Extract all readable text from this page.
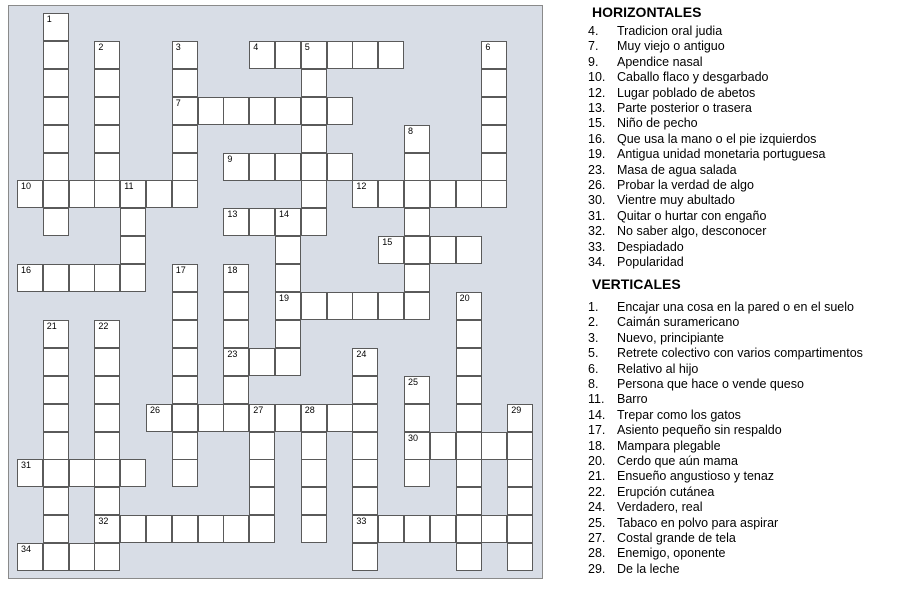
1
2	3
7
4	5	6
8
9
10	11	12
13	14
19
15
16	17	18
23
20
21	22
32
24
33
25
30
26	27	28	29
31
34
HORIZONTALES
4. Tradicion oral judia
7. Muy viejo o antiguo
9. Apendice nasal
10. Caballo flaco y desgarbado
12. Lugar poblado de abetos
13. Parte posterior o trasera
15. Niño de pecho
16. Que usa la mano o el pie izquierdos
19. Antigua unidad monetaria portuguesa
23. Masa de agua salada
26. Probar la verdad de algo
30. Vientre muy abultado
31. Quitar o hurtar con engaño
32. No saber algo, desconocer
33. Despiadado
34. Popularidad
VERTICALES
1. Encajar una cosa en la pared o en el suelo
2. Caimán suramericano
3. Nuevo, principiante
5. Retrete colectivo con varios compartimentos
6. Relativo al hijo
8. Persona que hace o vende queso
11. Barro
14. Trepar como los gatos
17. Asiento pequeño sin respaldo
18. Mampara plegable
20. Cerdo que aún mama
21. Ensueño angustioso y tenaz
22. Erupción cutánea
24. Verdadero, real
25. Tabaco en polvo para aspirar
27. Costal grande de tela
28. Enemigo, oponente
29. De la leche
